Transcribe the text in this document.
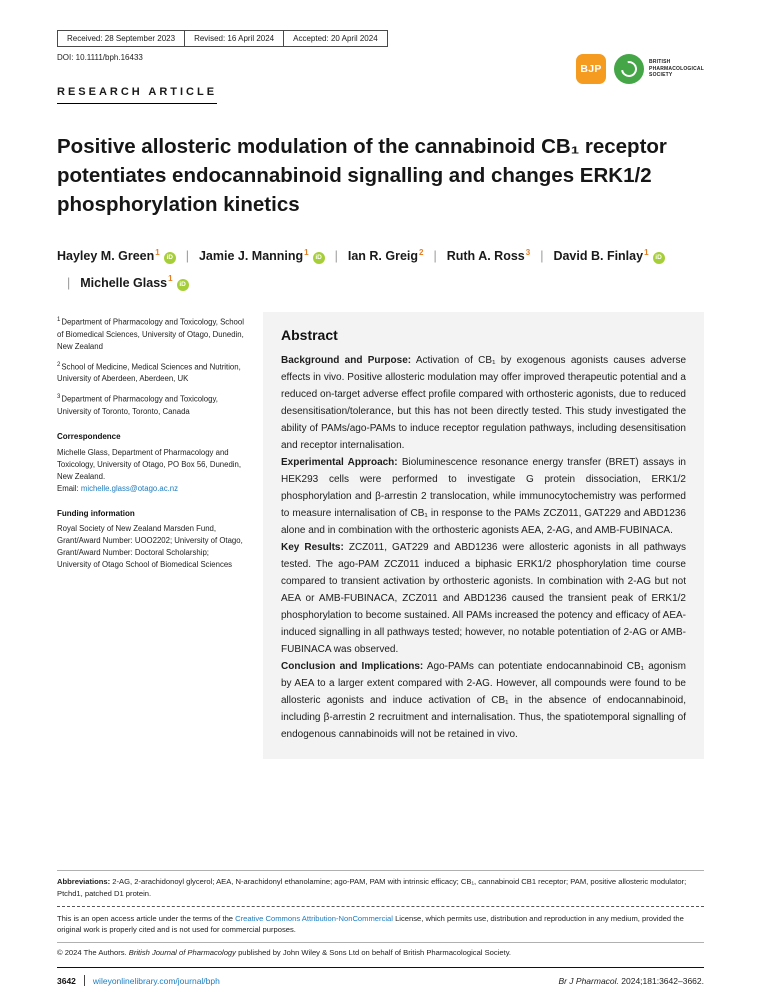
Received: 28 September 2023	Revised: 16 April 2024	Accepted: 20 April 2024
DOI: 10.1111/bph.16433
BJP
BRITISH
PHARMACOLOGICAL
SOCIETY
RESEARCH ARTICLE
Positive allosteric modulation of the cannabinoid CB₁ receptor potentiates endocannabinoid signalling and changes ERK1/2 phosphorylation kinetics
Hayley M. Green$^1$iD | Jamie J. Manning$^1$iD | Ian R. Greig$^2$ | Ruth A. Ross$^3$ | David B. Finlay$^1$iD| Michelle Glass$^1$iD
$^1$Department of Pharmacology and Toxicology, School of Biomedical Sciences, University of Otago, Dunedin, New Zealand
$^2$School of Medicine, Medical Sciences and Nutrition, University of Aberdeen, Aberdeen, UK
$^3$Department of Pharmacology and Toxicology, University of Toronto, Toronto, Canada
Correspondence
Michelle Glass, Department of Pharmacology and Toxicology, University of Otago, PO Box 56, Dunedin, New Zealand.
Email: michelle.glass@otago.ac.nz
Funding information
Royal Society of New Zealand Marsden Fund, Grant/Award Number: UOO2202; University of Otago, Grant/Award Number: Doctoral Scholarship; University of Otago School of Biomedical Sciences
Abstract

Background and Purpose: Activation of CB₁ by exogenous agonists causes adverse effects in vivo. Positive allosteric modulation may offer improved therapeutic potential and a reduced on-target adverse effect profile compared with orthosteric agonists, due to reduced desensitisation/tolerance, but this has not been directly tested. This study investigated the ability of PAMs/ago-PAMs to induce receptor regulation pathways, including desensitisation and receptor internalisation.

Experimental Approach: Bioluminescence resonance energy transfer (BRET) assays in HEK293 cells were performed to investigate G protein dissociation, ERK1/2 phosphorylation and β-arrestin 2 translocation, while immunocytochemistry was performed to measure internalisation of CB₁ in response to the PAMs ZCZ011, GAT229 and ABD1236 alone and in combination with the orthosteric agonists AEA, 2-AG, and AMB-FUBINACA.

Key Results: ZCZ011, GAT229 and ABD1236 were allosteric agonists in all pathways tested. The ago-PAM ZCZ011 induced a biphasic ERK1/2 phosphorylation time course compared to transient activation by orthosteric agonists. In combination with 2-AG but not AEA or AMB-FUBINACA, ZCZ011 and ABD1236 caused the transient peak of ERK1/2 phosphorylation to become sustained. All PAMs increased the potency and efficacy of AEA-induced signalling in all pathways tested; however, no notable potentiation of 2-AG or AMB-FUBINACA was observed.

Conclusion and Implications: Ago-PAMs can potentiate endocannabinoid CB₁ agonism by AEA to a larger extent compared with 2-AG. However, all compounds were found to be allosteric agonists and induce activation of CB₁ in the absence of endocannabinoid, including β-arrestin 2 recruitment and internalisation. Thus, the spatiotemporal signalling of endogenous cannabinoids will not be retained in vivo.

Abbreviations: 2-AG, 2-arachidonoyl glycerol; AEA, N-arachidonyl ethanolamine; ago-PAM, PAM with intrinsic efficacy; CB₁, cannabinoid CB1 receptor; PAM, positive allosteric modulator; Ptchd1, patched D1 protein.

This is an open access article under the terms of the Creative Commons Attribution-NonCommercial License, which permits use, distribution and reproduction in any medium, provided the original work is properly cited and is not used for commercial purposes.

© 2024 The Authors. British Journal of Pharmacology published by John Wiley & Sons Ltd on behalf of British Pharmacological Society.

3642 wileyonlinelibrary.com/journal/bph	Br J Pharmacol. 2024;181:3642–3662.
